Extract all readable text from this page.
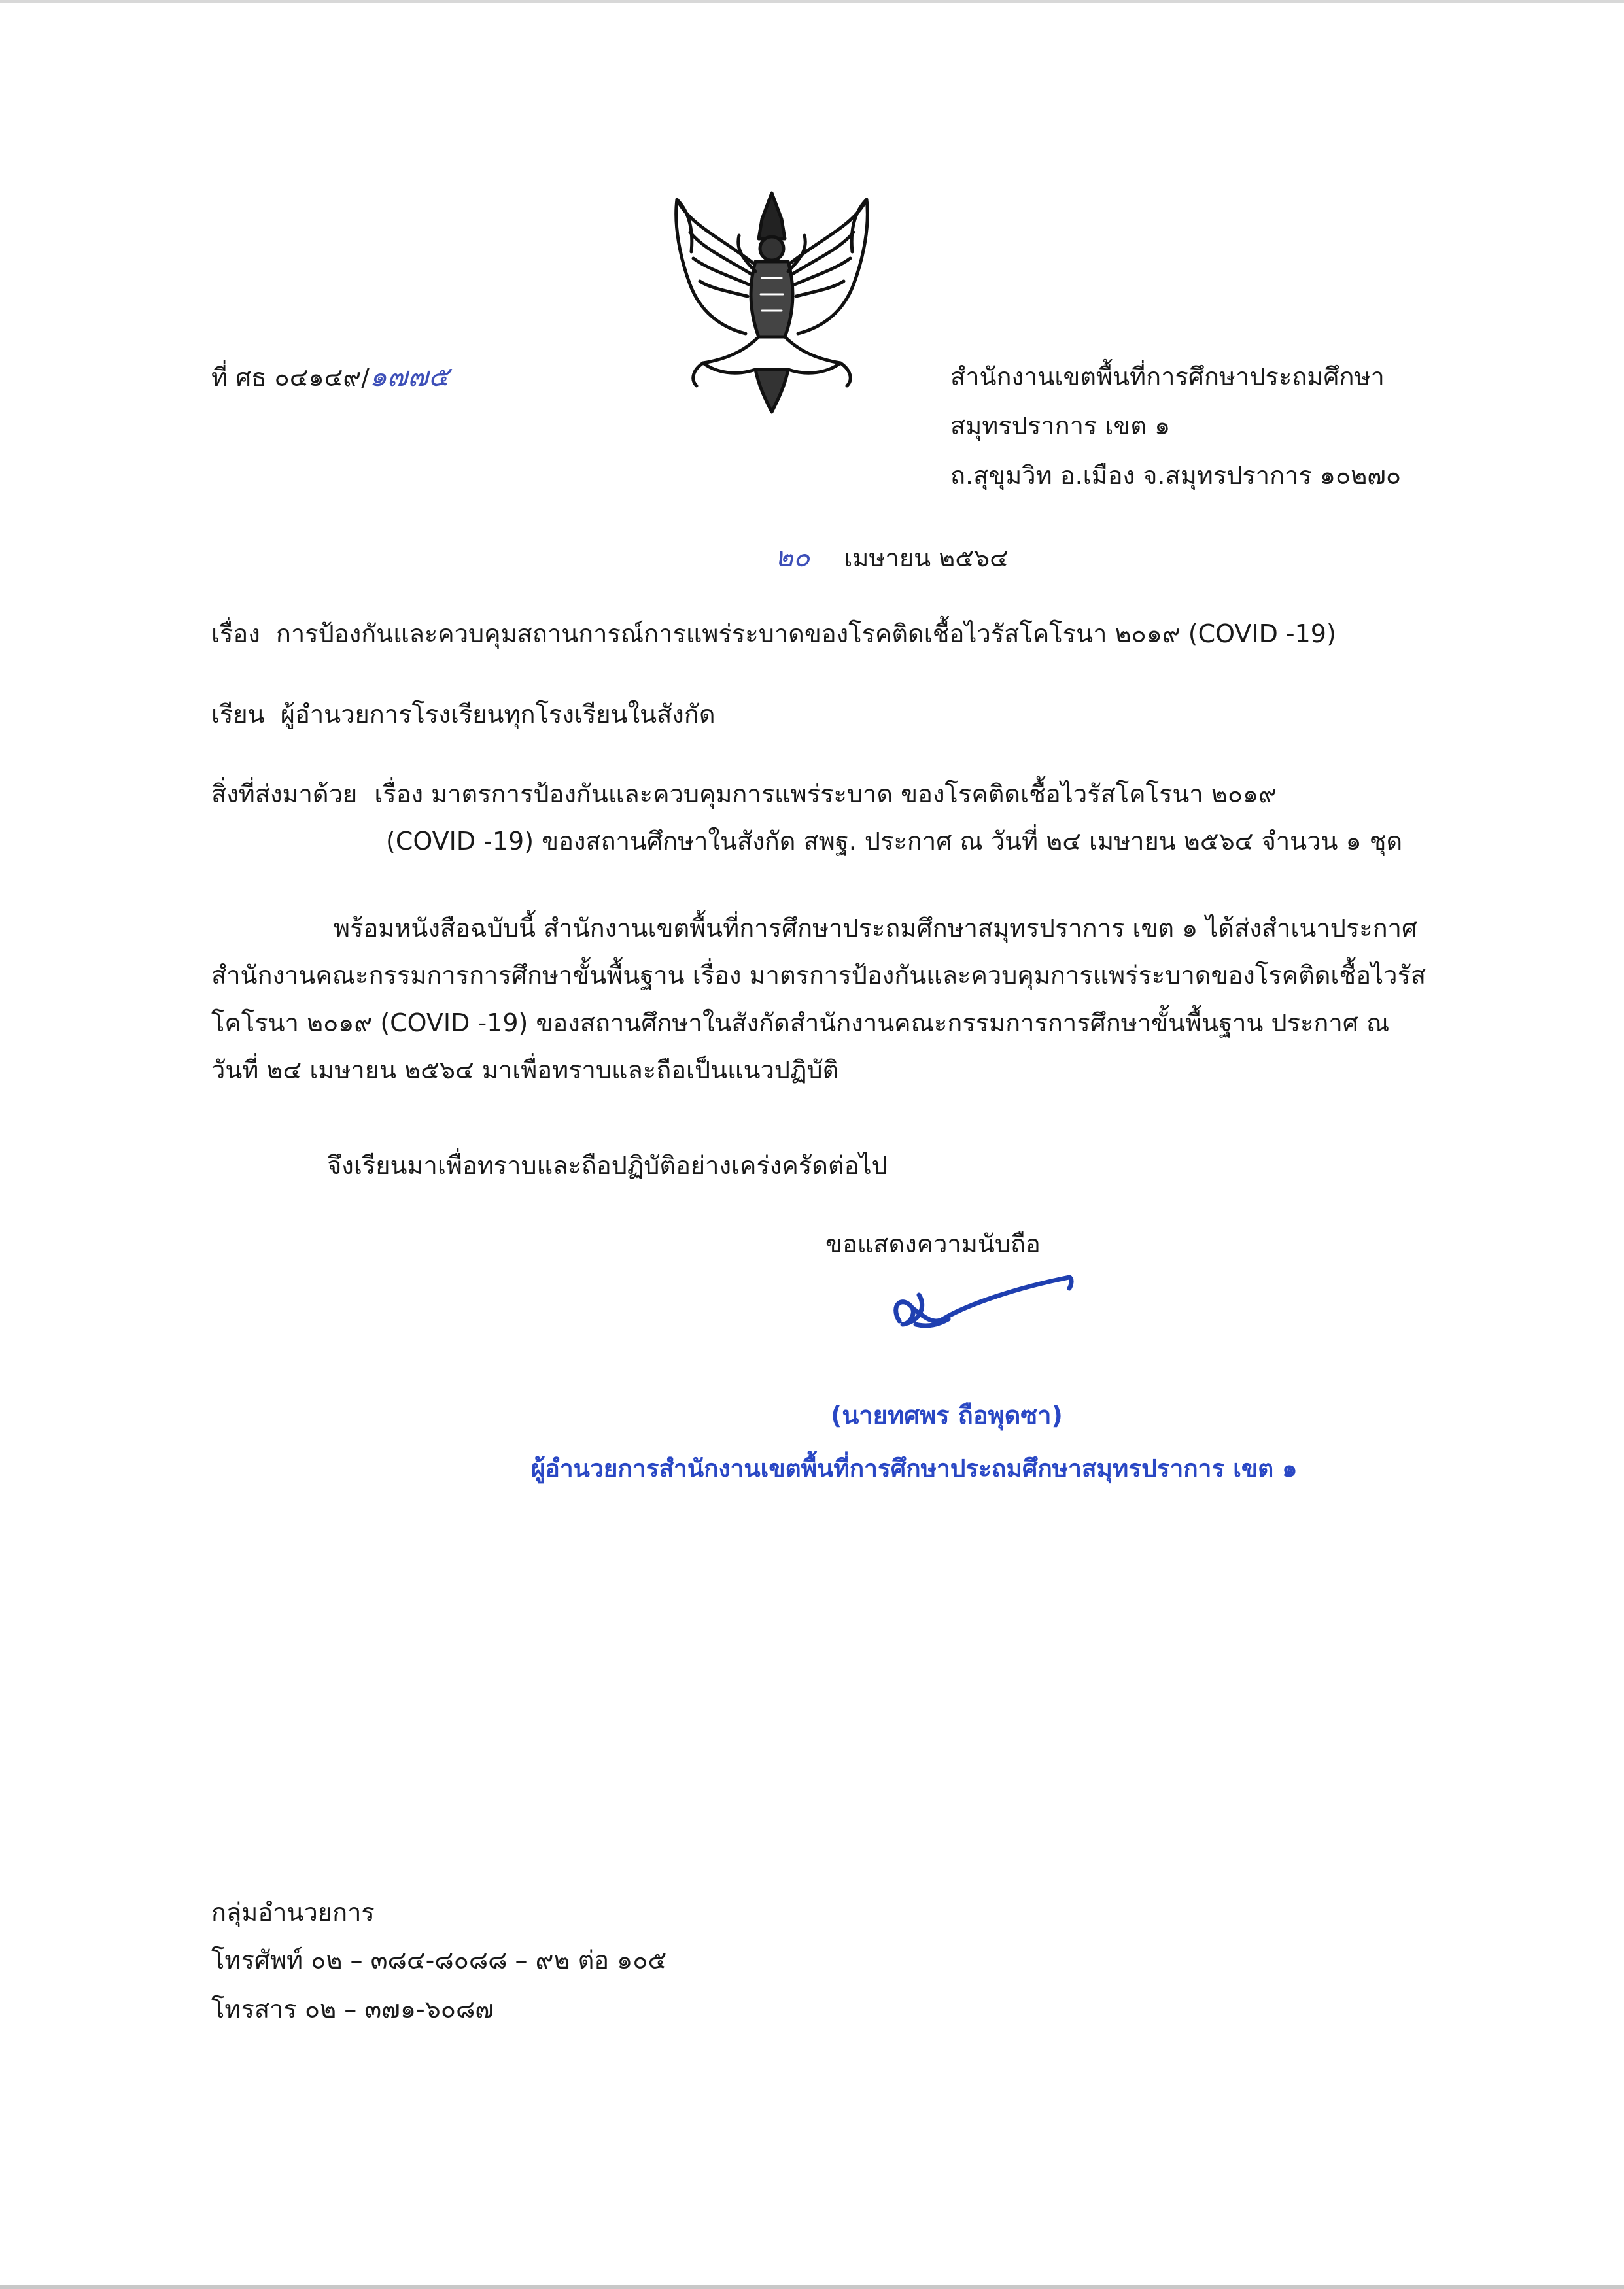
ที่ ศธ ๐๔๑๔๙/๑๗๗๕	สำนักงานเขตพื้นที่การศึกษาประถมศึกษา
สมุทรปราการ เขต ๑
ถ.สุขุมวิท อ.เมือง จ.สมุทรปราการ ๑๐๒๗๐
๒๐ เมษายน ๒๕๖๔
เรื่อง การป้องกันและควบคุมสถานการณ์การแพร่ระบาดของโรคติดเชื้อไวรัสโคโรนา ๒๐๑๙ (COVID -19)
เรียน ผู้อำนวยการโรงเรียนทุกโรงเรียนในสังกัด
สิ่งที่ส่งมาด้วย เรื่อง มาตรการป้องกันและควบคุมการแพร่ระบาด ของโรคติดเชื้อไวรัสโคโรนา ๒๐๑๙
(COVID -19) ของสถานศึกษาในสังกัด สพฐ. ประกาศ ณ วันที่ ๒๔ เมษายน ๒๕๖๔ จำนวน ๑ ชุด
พร้อมหนังสือฉบับนี้ สำนักงานเขตพื้นที่การศึกษาประถมศึกษาสมุทรปราการ เขต ๑ ได้ส่งสำเนาประกาศ
สำนักงานคณะกรรมการการศึกษาขั้นพื้นฐาน เรื่อง มาตรการป้องกันและควบคุมการแพร่ระบาดของโรคติดเชื้อไวรัส
โคโรนา ๒๐๑๙ (COVID -19) ของสถานศึกษาในสังกัดสำนักงานคณะกรรมการการศึกษาขั้นพื้นฐาน ประกาศ ณ
วันที่ ๒๔ เมษายน ๒๕๖๔ มาเพื่อทราบและถือเป็นแนวปฏิบัติ
จึงเรียนมาเพื่อทราบและถือปฏิบัติอย่างเคร่งครัดต่อไป
ขอแสดงความนับถือ
(นายทศพร ถือพุดซา)
ผู้อำนวยการสำนักงานเขตพื้นที่การศึกษาประถมศึกษาสมุทรปราการ เขต ๑
กลุ่มอำนวยการ
โทรศัพท์ ๐๒ – ๓๘๔-๘๐๘๘ – ๙๒ ต่อ ๑๐๕
โทรสาร ๐๒ – ๓๗๑-๖๐๘๗
